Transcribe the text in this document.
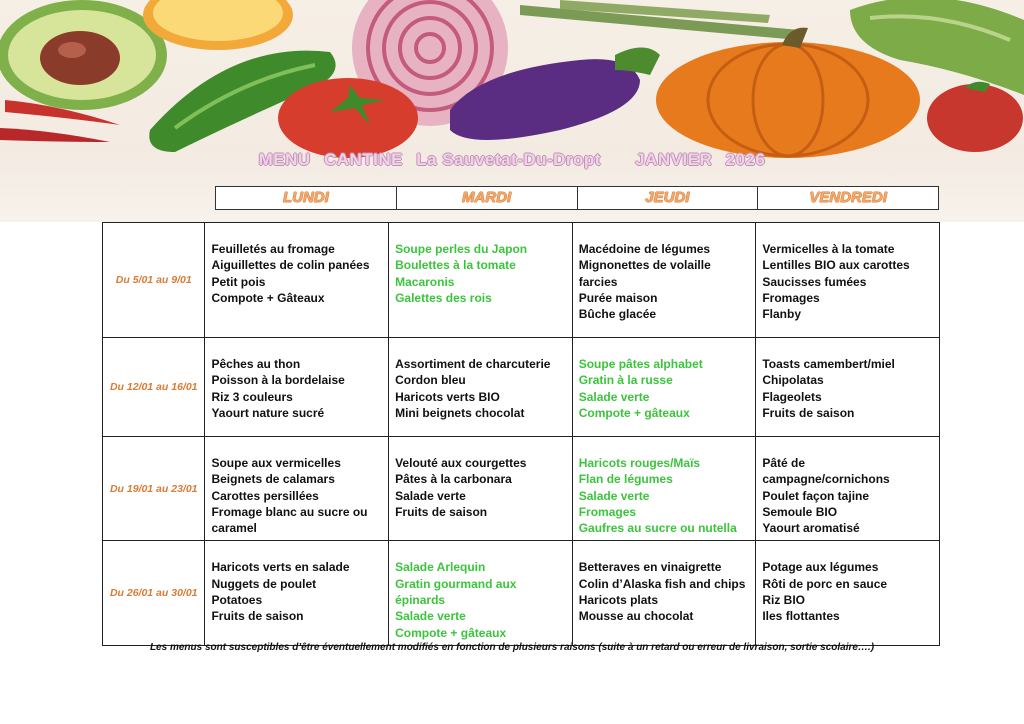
MENU CANTINE La Sauvetat-Du-Dropt JANVIER 2026
LUNDI	MARDI	JEUDI	VENDREDI
Du 5/01 au 9/01	Feuilletés au fromage
Aiguillettes de colin panées
Petit pois
Compote + Gâteaux	Soupe perles du Japon
Boulettes à la tomate
Macaronis
Galettes des rois	Macédoine de légumes
Mignonettes de volaille farcies
Purée maison
Bûche glacée	Vermicelles à la tomate
Lentilles BIO aux carottes
Saucisses fumées
Fromages
Flanby

Du 12/01 au 16/01	Pêches au thon
Poisson à la bordelaise
Riz 3 couleurs
Yaourt nature sucré	Assortiment de charcuterie
Cordon bleu
Haricots verts BIO
Mini beignets chocolat	Soupe pâtes alphabet
Gratin à la russe
Salade verte
Compote + gâteaux	Toasts camembert/miel
Chipolatas
Flageolets
Fruits de saison

Du 19/01 au 23/01	Soupe aux vermicelles
Beignets de calamars
Carottes persillées
Fromage blanc au sucre ou caramel	Velouté aux courgettes
Pâtes à la carbonara
Salade verte
Fruits de saison	Haricots rouges/Maïs
Flan de légumes
Salade verte
Fromages
Gaufres au sucre ou nutella	Pâté de campagne/cornichons
Poulet façon tajine
Semoule BIO
Yaourt aromatisé

Du 26/01 au 30/01	Haricots verts en salade
Nuggets de poulet
Potatoes
Fruits de saison	Salade Arlequin
Gratin gourmand aux épinards
Salade verte
Compote + gâteaux	Betteraves en vinaigrette
Colin d’Alaska fish and chips
Haricots plats
Mousse au chocolat	Potage aux légumes
Rôti de porc en sauce
Riz BIO
Iles flottantes
Les menus sont susceptibles d’être éventuellement modifiés en fonction de plusieurs raisons (suite à un retard ou erreur de livraison, sortie scolaire….)
